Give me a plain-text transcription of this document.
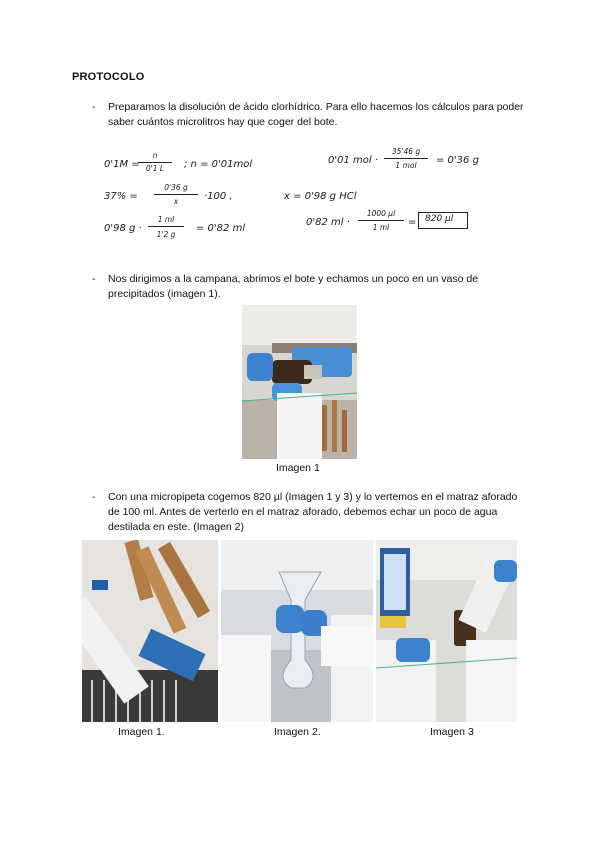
PROTOCOLO
- Preparamos la disolución de ácido clorhídrico. Para ello hacemos los cálculos para poder saber cuántos microlitros hay que coger del bote.
0'1M =
n
0'1 L	; n = 0'01mol	0'01 mol ·
35'46 g
1 mol	= 0'36 g
37% =
0'36 g
x	·100 ,	x = 0'98 g HCl
0'98 g ·
1 ml
1'2 g
= 0'82 ml
0'82 ml ·
1000 µl
1 ml	= 820 µl
- Nos dirigimos a la campana, abrimos el bote y echamos un poco en un vaso de precipitados (imagen 1).
Imagen 1
- Con una micropipeta cogemos 820 µl (Imagen 1 y 3) y lo vertemos en el matraz aforado de 100 ml. Antes de verterlo en el matraz aforado, debemos echar un poco de agua destilada en este. (Imagen 2)
Imagen 1.	Imagen 2.	Imagen 3
